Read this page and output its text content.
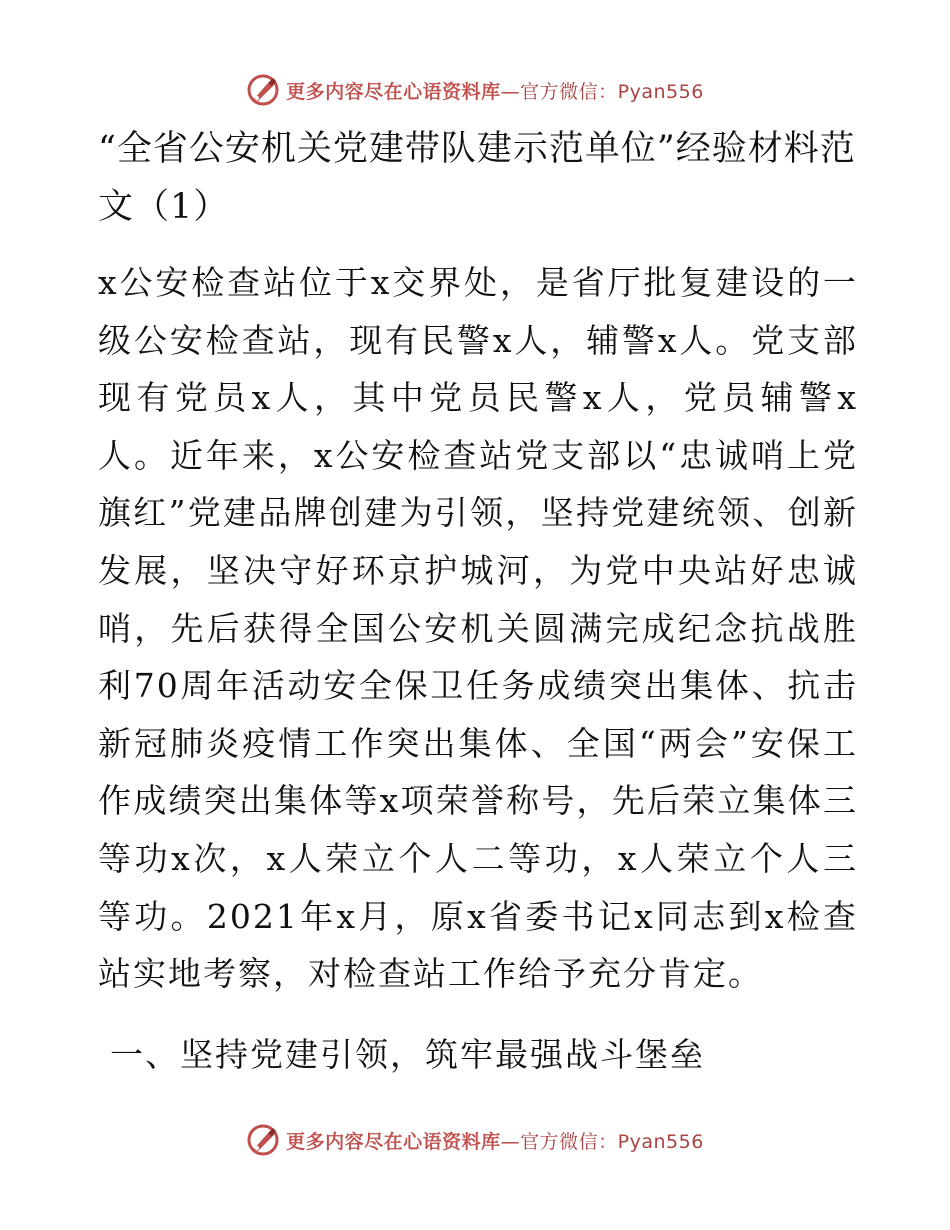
更多内容尽在心语资料库—官方微信：Pyan556
“全省公安机关党建带队建示范单位”经验材料范文（1）

x公安检查站位于x交界处，是省厅批复建设的一级公安检查站，现有民警x人，辅警x人。党支部现有党员x人，其中党员民警x人，党员辅警x人。近年来，x公安检查站党支部以“忠诚哨上党旗红”党建品牌创建为引领，坚持党建统领、创新发展，坚决守好环京护城河，为党中央站好忠诚哨，先后获得全国公安机关圆满完成纪念抗战胜利70周年活动安全保卫任务成绩突出集体、抗击新冠肺炎疫情工作突出集体、全国“两会”安保工作成绩突出集体等x项荣誉称号，先后荣立集体三等功x次，x人荣立个人二等功，x人荣立个人三等功。2021年x月，原x省委书记x同志到x检查站实地考察，对检查站工作给予充分肯定。

一、坚持党建引领，筑牢最强战斗堡垒
更多内容尽在心语资料库—官方微信：Pyan556
